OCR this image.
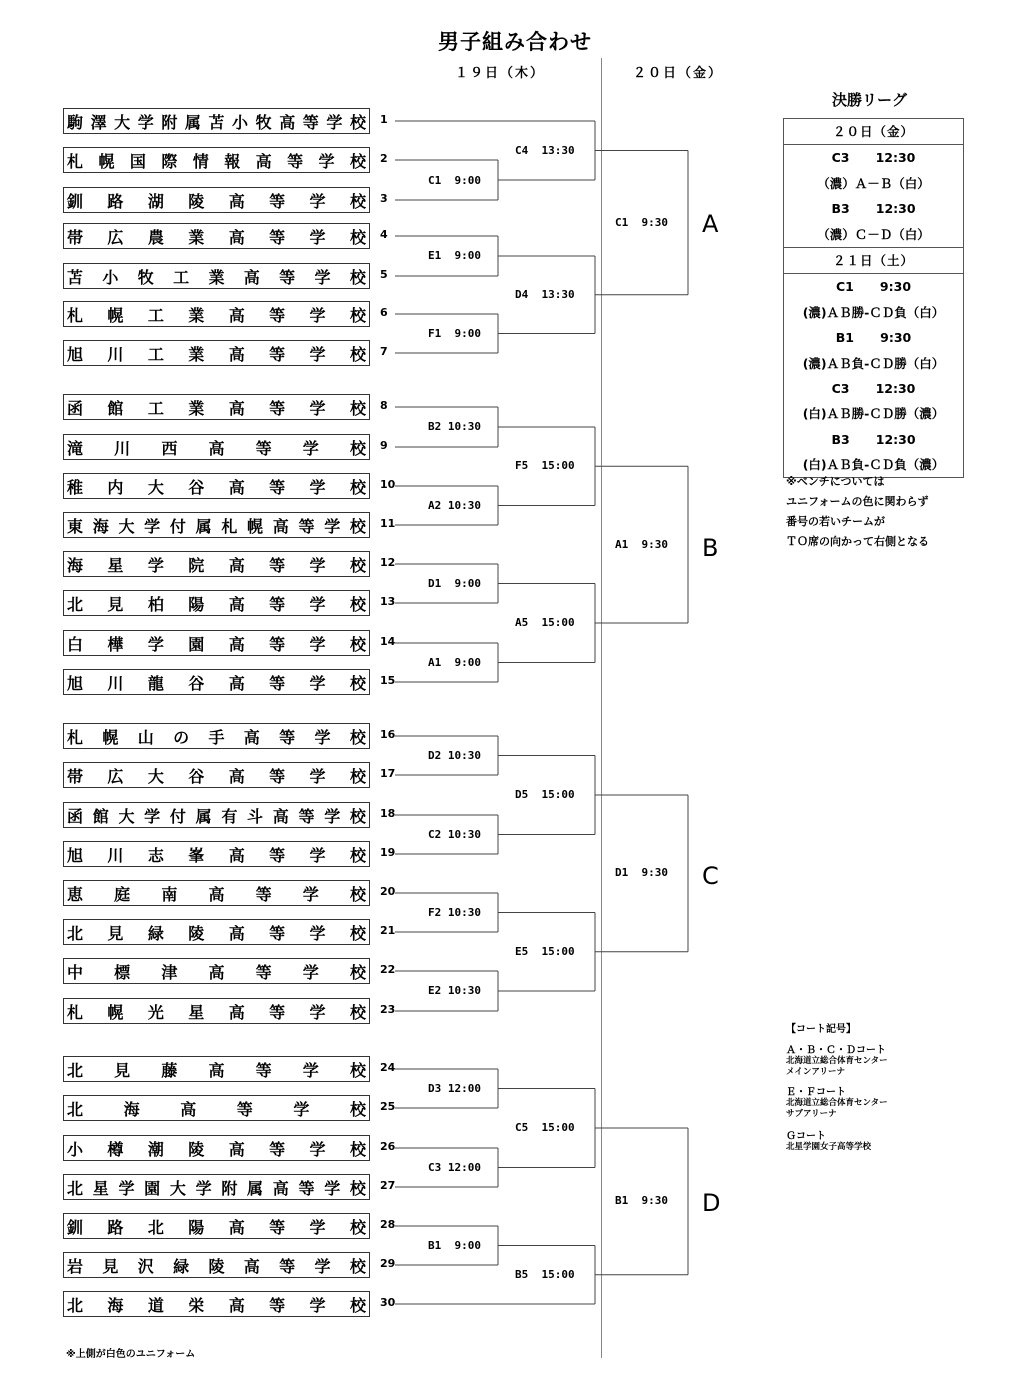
男子組み合わせ
１９日（木）	２０日（金）
駒 澤 大 学 附 属 苫 小 牧 高 等 学 校 1
札 幌 国 際 情 報 高 等 学 校 2
釧 路 湖 陵 高 等 学 校 3
帯 広 農 業 高 等 学 校 4
苫 小 牧 工 業 高 等 学 校 5
札 幌 工 業 高 等 学 校 6
旭 川 工 業 高 等 学 校 7
函 館 工 業 高 等 学 校 8
滝 川 西 高 等 学 校 9
稚 内 大 谷 高 等 学 校 10
東 海 大 学 付 属 札 幌 高 等 学 校 11
海 星 学 院 高 等 学 校 12
北 見 柏 陽 高 等 学 校 13
白 樺 学 園 高 等 学 校 14
旭 川 龍 谷 高 等 学 校 15
札 幌 山 の 手 高 等 学 校 16
帯 広 大 谷 高 等 学 校 17
函 館 大 学 付 属 有 斗 高 等 学 校 18
旭 川 志 峯 高 等 学 校 19
恵 庭 南 高 等 学 校 20
北 見 緑 陵 高 等 学 校 21
中 標 津 高 等 学 校 22
札 幌 光 星 高 等 学 校 23
北 見 藤 高 等 学 校 24
北	海	高	等	学	校 25
小 樽 潮 陵 高 等 学 校 26
北 星 学 園 大 学 附 属 高 等 学 校 27
釧 路 北 陽 高 等 学 校 28
岩 見 沢 緑 陵 高 等 学 校 29
北 海 道 栄 高 等 学 校 30
C1  9:00
C4  13:30
E1  9:00
F1  9:00
D4  13:30
C1  9:30 A
B2 10:30
A2 10:30
F5  15:00
D1  9:00
A1  9:00
A5  15:00
A1  9:30 B
D2 10:30
C2 10:30
D5  15:00
F2 10:30
E2 10:30
E5  15:00
D1  9:30 C
D3 12:00
C3 12:00
C5  15:00
B1  9:00
B5  15:00
B1  9:30 D
決勝リーグ
２０日（金）
C3      12:30
（濃）Ａ－Ｂ（白）
B3      12:30
（濃）Ｃ－Ｄ（白）
２１日（土）
C1      9:30
(濃)ＡＢ勝-ＣＤ負（白）
B1      9:30
(濃)ＡＢ負-ＣＤ勝（白）
C3      12:30
(白)ＡＢ勝-ＣＤ勝（濃）
B3      12:30
(白)ＡＢ負-ＣＤ負（濃）
※ベンチについては
ユニフォームの色に関わらず
番号の若いチームが
ＴＯ席の向かって右側となる
【コート記号】
Ａ・Ｂ・Ｃ・Ｄコート
北海道立総合体育センター
メインアリーナ
Ｅ・Ｆコート
北海道立総合体育センター
サブアリーナ
Ｇコート
北星学園女子高等学校
※上側が白色のユニフォーム
